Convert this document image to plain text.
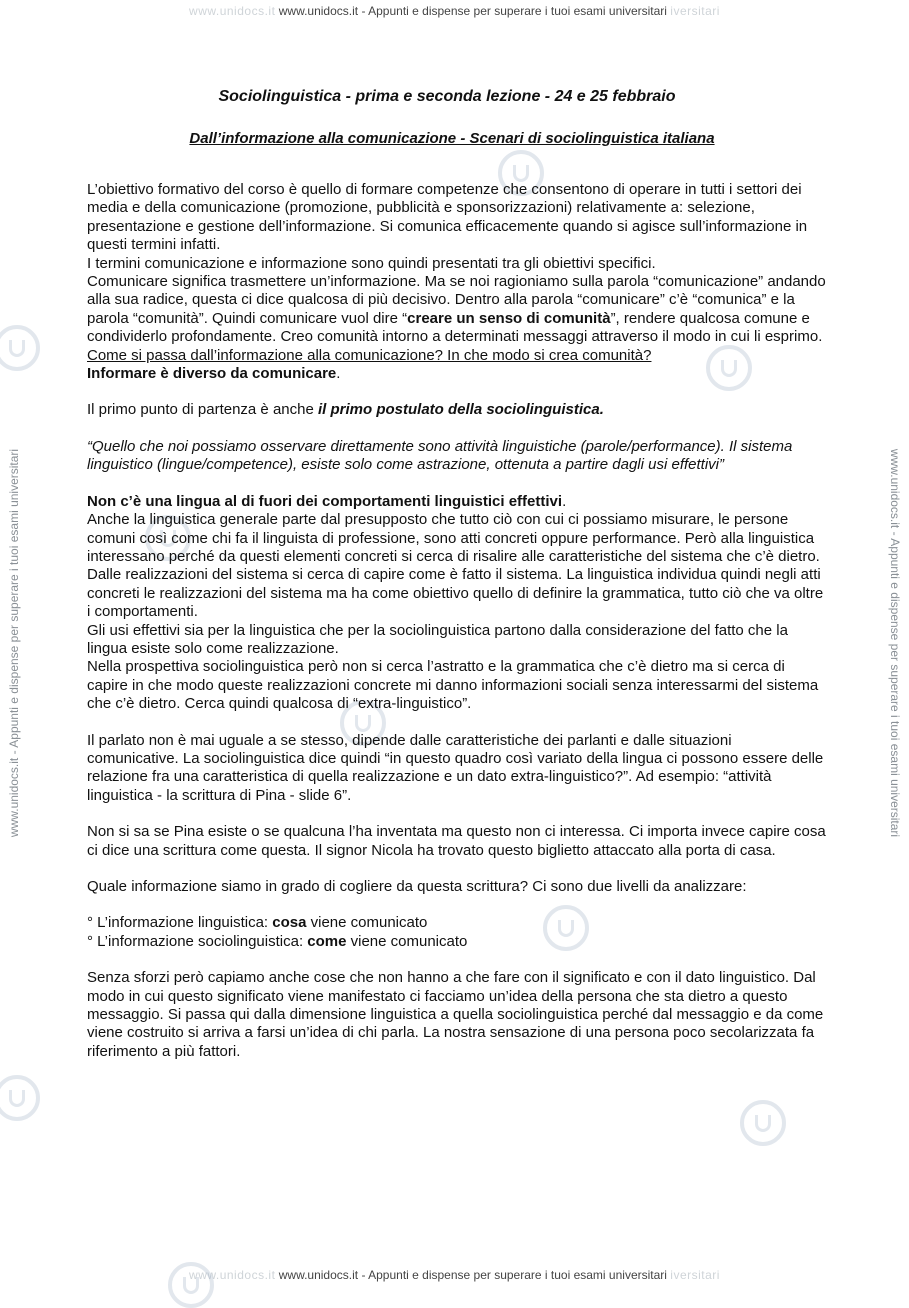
www.unidocs.it www.unidocs.it - Appunti e dispense per superare i tuoi esami universitari iversitari
www.unidocs.it www.unidocs.it - Appunti e dispense per superare i tuoi esami universitari iversitari
www.unidocs.it - Appunti e dispense per superare i tuoi esami universitari	www.unidocs.it - Appunti e dispense per superare i tuoi esami universitari
Sociolinguistica - prima e seconda lezione - 24 e 25 febbraio
Dall’informazione alla comunicazione - Scenari di sociolinguistica italiana

L’obiettivo formativo del corso è quello di formare competenze che consentono di operare in tutti i settori dei media e della comunicazione (promozione, pubblicità e sponsorizzazioni) relativamente a: selezione, presentazione e gestione dell’informazione. Si comunica efficacemente quando si agisce sull’informazione in questi termini infatti.

I termini comunicazione e informazione sono quindi presentati tra gli obiettivi specifici.

Comunicare significa trasmettere un’informazione. Ma se noi ragioniamo sulla parola “comunicazione” andando alla sua radice, questa ci dice qualcosa di più decisivo. Dentro alla parola “comunicare” c’è “comunica” e la parola “comunità”. Quindi comunicare vuol dire “creare un senso di comunità”, rendere qualcosa comune e condividerlo profondamente. Creo comunità intorno a determinati messaggi attraverso il modo in cui li esprimo.

Come si passa dall’informazione alla comunicazione? In che modo si crea comunità?

Informare è diverso da comunicare.

Il primo punto di partenza è anche il primo postulato della sociolinguistica.

“Quello che noi possiamo osservare direttamente sono attività linguistiche (parole/performance). Il sistema linguistico (lingue/competence), esiste solo come astrazione, ottenuta a partire dagli usi effettivi”

Non c’è una lingua al di fuori dei comportamenti linguistici effettivi.

Anche la linguistica generale parte dal presupposto che tutto ciò con cui ci possiamo misurare, le persone comuni così come chi fa il linguista di professione, sono atti concreti oppure performance. Però alla linguistica interessano perché da questi elementi concreti si cerca di risalire alle caratteristiche del sistema che c’è dietro. Dalle realizzazioni del sistema si cerca di capire come è fatto il sistema. La linguistica individua quindi negli atti concreti le realizzazioni del sistema ma ha come obiettivo quello di definire la grammatica, tutto ciò che va oltre i comportamenti.

Gli usi effettivi sia per la linguistica che per la sociolinguistica partono dalla considerazione del fatto che la lingua esiste solo come realizzazione.

Nella prospettiva sociolinguistica però non si cerca l’astratto e la grammatica che c’è dietro ma si cerca di capire in che modo queste realizzazioni concrete mi danno informazioni sociali senza interessarmi del sistema che c’è dietro. Cerca quindi qualcosa di “extra-linguistico”.

Il parlato non è mai uguale a se stesso, dipende dalle caratteristiche dei parlanti e dalle situazioni comunicative. La sociolinguistica dice quindi “in questo quadro così variato della lingua ci possono essere delle relazione fra una caratteristica di quella realizzazione e un dato extra-linguistico?”. Ad esempio: “attività linguistica - la scrittura di Pina - slide 6”.

Non si sa se Pina esiste o se qualcuna l’ha inventata ma questo non ci interessa. Ci importa invece capire cosa ci dice una scrittura come questa. Il signor Nicola ha trovato questo biglietto attaccato alla porta di casa.

Quale informazione siamo in grado di cogliere da questa scrittura? Ci sono due livelli da analizzare:

° L’informazione linguistica: cosa viene comunicato

° L’informazione sociolinguistica: come viene comunicato

Senza sforzi però capiamo anche cose che non hanno a che fare con il significato e con il dato linguistico. Dal modo in cui questo significato viene manifestato ci facciamo un’idea della persona che sta dietro a questo messaggio. Si passa qui dalla dimensione linguistica a quella sociolinguistica perché dal messaggio e da come viene costruito si arriva a farsi un’idea di chi parla. La nostra sensazione di una persona poco secolarizzata fa riferimento a più fattori.
